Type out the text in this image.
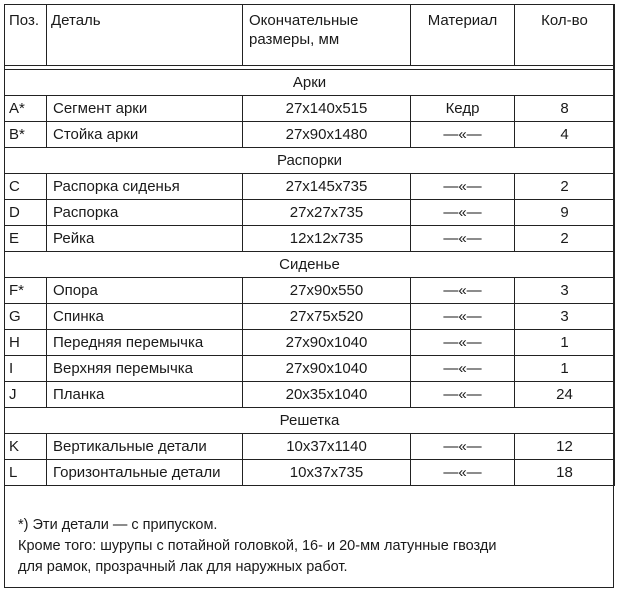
Поз.	Деталь	Окончательные
размеры, мм	Материал	Кол-во

Арки				
A*	Сегмент арки	27x140x515	Кедр	8
B*	Стойка арки	27x90x1480	—«—	4
Распорки				
C	Распорка сиденья	27x145x735	—«—	2
D	Распорка	27x27x735	—«—	9
E	Рейка	12x12x735	—«—	2
Сиденье				
F*	Опора	27x90x550	—«—	3
G	Спинка	27x75x520	—«—	3
H	Передняя перемычка	27x90x1040	—«—	1
I	Верхняя перемычка	27x90x1040	—«—	1
J	Планка	20x35x1040	—«—	24
Решетка				
K	Вертикальные детали	10x37x1140	—«—	12
L	Горизонтальные детали	10x37x735	—«—	18

*) Эти детали — с припуском.

Кроме того: шурупы с потайной головкой, 16- и 20-мм латунные гвозди

для рамок, прозрачный лак для наружных работ.
